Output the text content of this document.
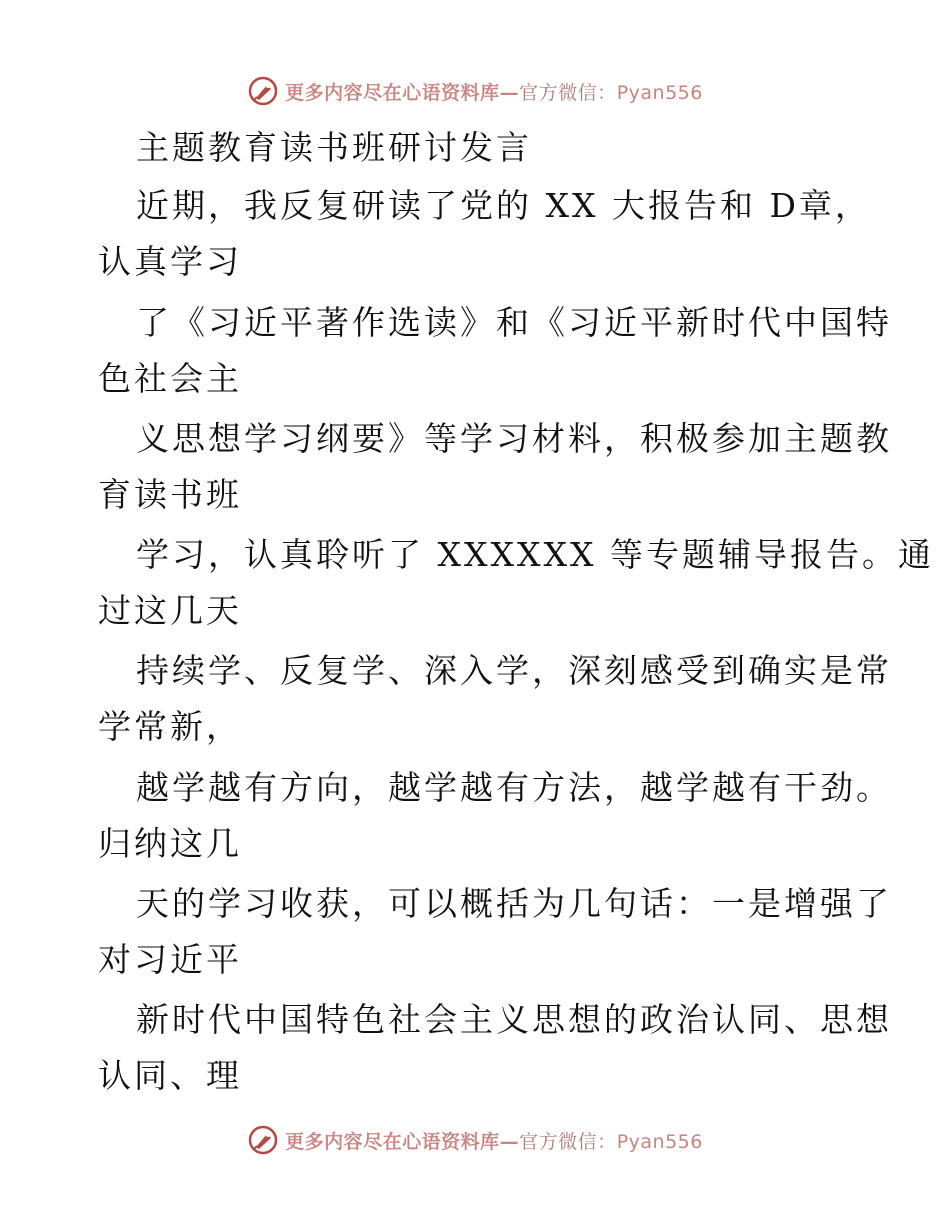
更多内容尽在心语资料库—官方微信：Pyan556
主题教育读书班研讨发言
近期，我反复研读了党的 XX 大报告和 D章，
认真学习
了《习近平著作选读》和《习近平新时代中国特
色社会主
义思想学习纲要》等学习材料，积极参加主题教
育读书班
学习，认真聆听了 XXXXXX 等专题辅导报告。通
过这几天
持续学、反复学、深入学，深刻感受到确实是常
学常新，
越学越有方向，越学越有方法，越学越有干劲。
归纳这几
天的学习收获，可以概括为几句话：一是增强了
对习近平
新时代中国特色社会主义思想的政治认同、思想
认同、理
更多内容尽在心语资料库—官方微信：Pyan556
